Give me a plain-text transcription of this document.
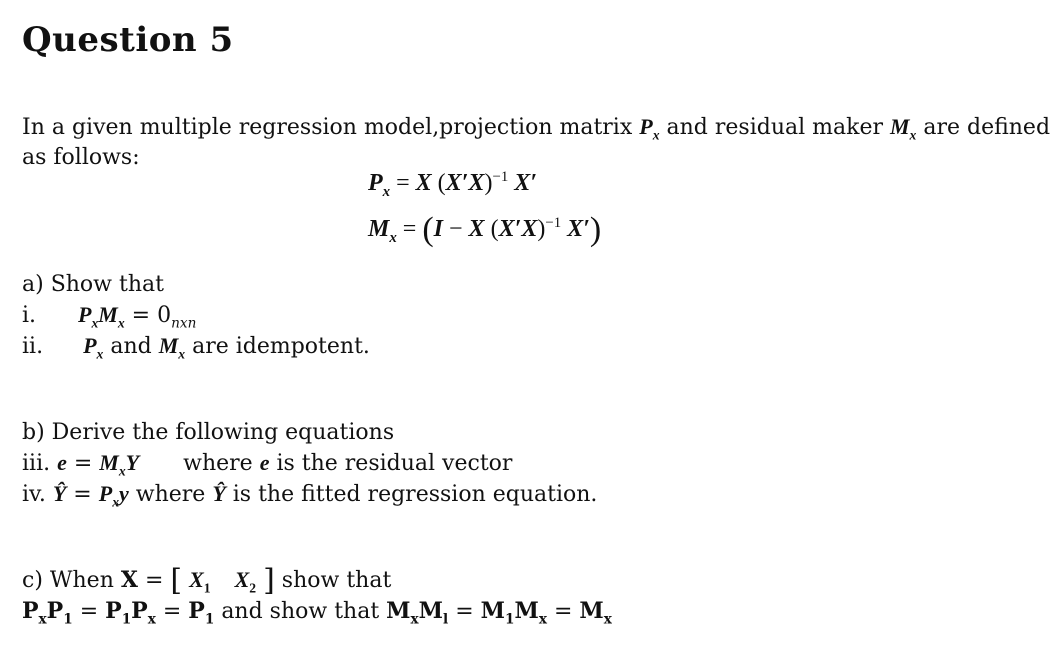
Question 5
In a given multiple regression model,projection matrix $P_x$ and residual maker $M_x$ are defined
as follows:
$P_x = X$ $(X'X)^{-1}$ X′
$M_x = (I - X$ $(X'X)^{-1}$ X′)
a) Show that
i. $P_xM_x = 0_{nxn}$
ii. $P_x$ and $M_x$ are idempotent.
b) Derive the following equations
iii. $e = M_xY$ where e is the residual vector
iv. Ŷ = $P_xy$ where Ŷ is the fitted regression equation.
c) When X = [ $X_1$ $X_2$ ] show that
$P_xP_1 = P_1P_x = P_1$ and show that $M_xM_l = M_1M_x = M_x$
